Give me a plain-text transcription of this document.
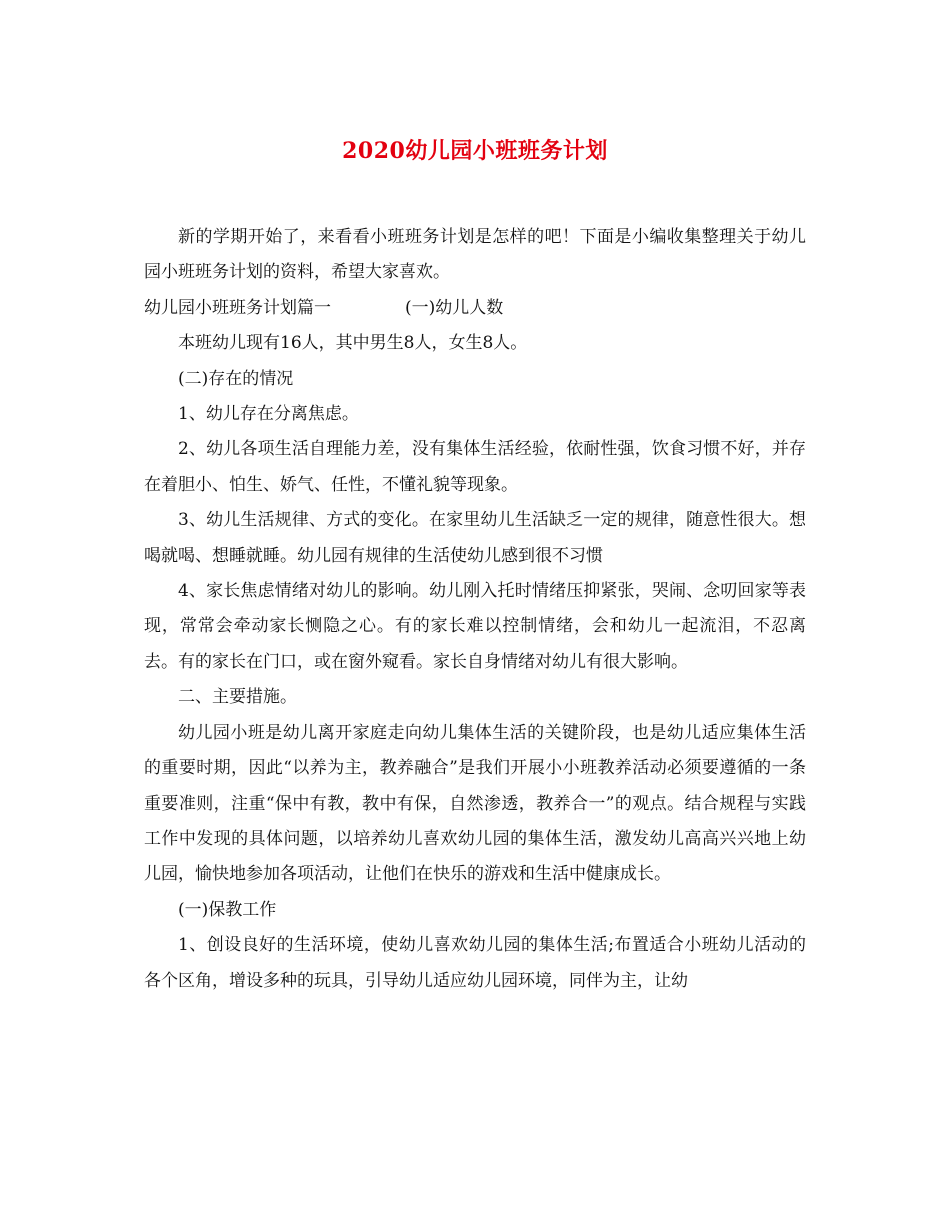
2020幼儿园小班班务计划

新的学期开始了，来看看小班班务计划是怎样的吧！下面是小编收集整理关于幼儿园小班班务计划的资料，希望大家喜欢。

幼儿园小班班务计划篇一	(一)幼儿人数

本班幼儿现有16人，其中男生8人，女生8人。

(二)存在的情况

1、幼儿存在分离焦虑。

2、幼儿各项生活自理能力差，没有集体生活经验，依耐性强，饮食习惯不好，并存在着胆小、怕生、娇气、任性，不懂礼貌等现象。

3、幼儿生活规律、方式的变化。在家里幼儿生活缺乏一定的规律，随意性很大。想喝就喝、想睡就睡。幼儿园有规律的生活使幼儿感到很不习惯

4、家长焦虑情绪对幼儿的影响。幼儿刚入托时情绪压抑紧张，哭闹、念叨回家等表现，常常会牵动家长恻隐之心。有的家长难以控制情绪，会和幼儿一起流泪，不忍离去。有的家长在门口，或在窗外窥看。家长自身情绪对幼儿有很大影响。

二、主要措施。

幼儿园小班是幼儿离开家庭走向幼儿集体生活的关键阶段，也是幼儿适应集体生活的重要时期，因此“以养为主，教养融合”是我们开展小小班教养活动必须要遵循的一条重要准则，注重“保中有教，教中有保，自然渗透，教养合一”的观点。结合规程与实践工作中发现的具体问题，以培养幼儿喜欢幼儿园的集体生活，激发幼儿高高兴兴地上幼儿园，愉快地参加各项活动，让他们在快乐的游戏和生活中健康成长。

(一)保教工作

1、创设良好的生活环境，使幼儿喜欢幼儿园的集体生活;布置适合小班幼儿活动的各个区角，增设多种的玩具，引导幼儿适应幼儿园环境，同伴为主，让幼
